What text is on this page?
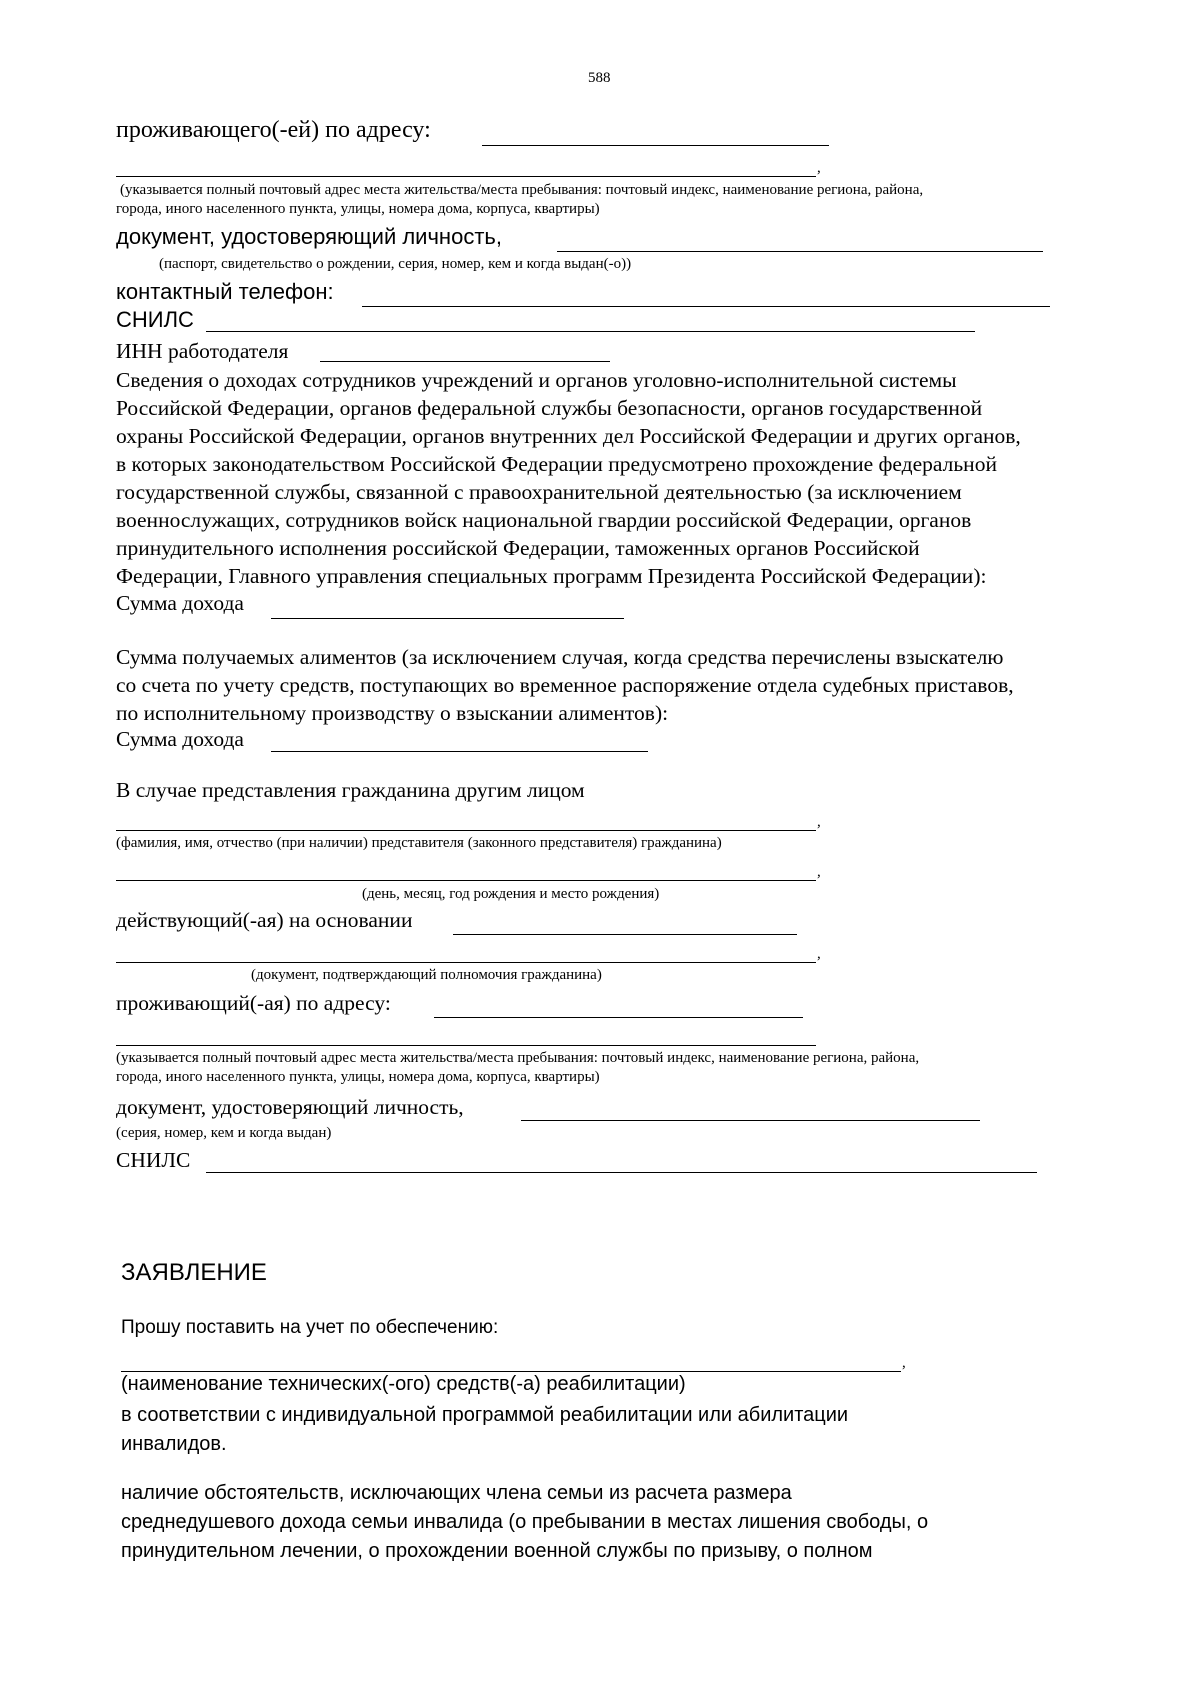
588
проживающего(-ей) по адресу:
,
(указывается полный почтовый адрес места жительства/места пребывания: почтовый индекс, наименование региона, района,
города, иного населенного пункта, улицы, номера дома, корпуса, квартиры)
документ, удостоверяющий личность,
(паспорт, свидетельство о рождении, серия, номер, кем и когда выдан(-о))
контактный телефон:
СНИЛС
ИНН работодателя
Сведения о доходах сотрудников учреждений и органов уголовно-исполнительной системы
Российской Федерации, органов федеральной службы безопасности, органов государственной
охраны Российской Федерации, органов внутренних дел Российской Федерации и других органов,
в которых законодательством Российской Федерации предусмотрено прохождение федеральной
государственной службы, связанной с правоохранительной деятельностью (за исключением
военнослужащих, сотрудников войск национальной гвардии российской Федерации, органов
принудительного исполнения российской Федерации, таможенных органов Российской
Федерации, Главного управления специальных программ Президента Российской Федерации):
Сумма дохода
Сумма получаемых алиментов (за исключением случая, когда средства перечислены взыскателю
со счета по учету средств, поступающих во временное распоряжение отдела судебных приставов,
по исполнительному производству о взыскании алиментов):
Сумма дохода
В случае представления гражданина другим лицом
,
(фамилия, имя, отчество (при наличии) представителя (законного представителя) гражданина)
,
(день, месяц, год рождения и место рождения)
действующий(-ая) на основании
,
(документ, подтверждающий полномочия гражданина)
проживающий(-ая) по адресу:
(указывается полный почтовый адрес места жительства/места пребывания: почтовый индекс, наименование региона, района,
города, иного населенного пункта, улицы, номера дома, корпуса, квартиры)
документ, удостоверяющий личность,
(серия, номер, кем и когда выдан)
СНИЛС
ЗАЯВЛЕНИЕ
Прошу поставить на учет по обеспечению:
,
(наименование технических(-ого) средств(-а) реабилитации)
в соответствии с индивидуальной программой реабилитации или абилитации
инвалидов.
наличие обстоятельств, исключающих члена семьи из расчета размера
среднедушевого дохода семьи инвалида (о пребывании в местах лишения свободы, о
принудительном лечении, о прохождении военной службы по призыву, о полном
